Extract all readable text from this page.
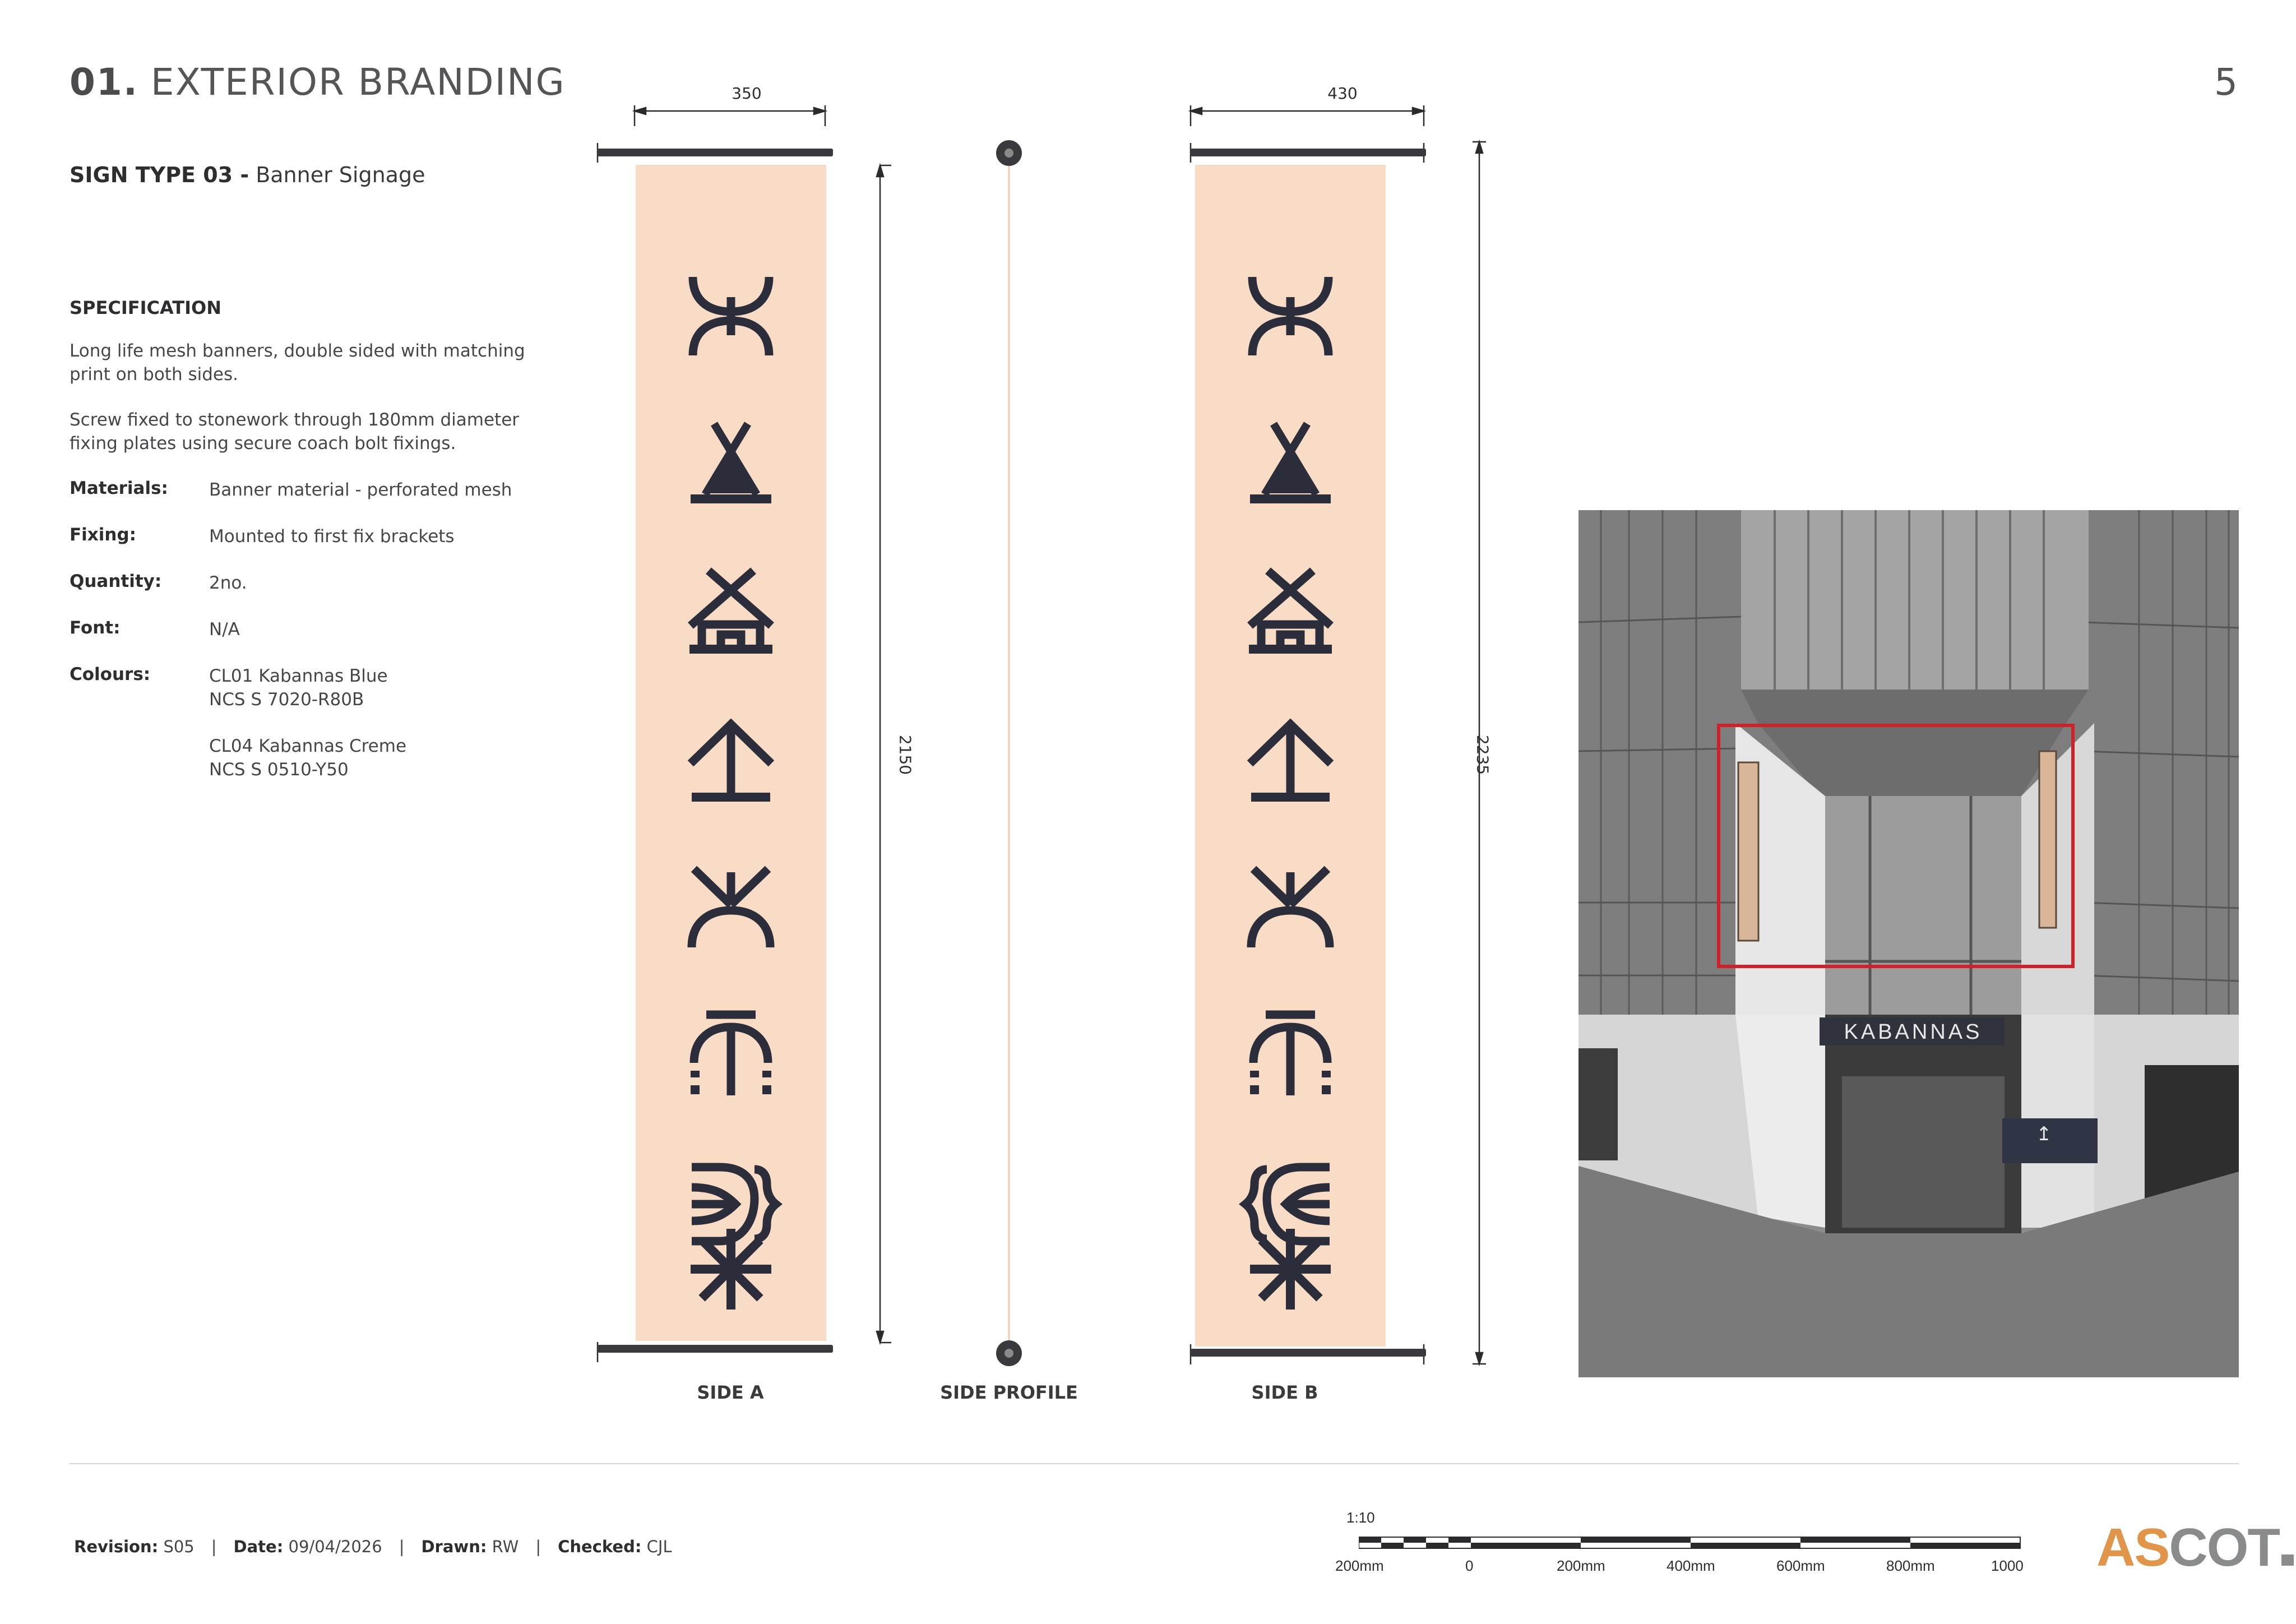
01. EXTERIOR BRANDING	5
SIGN TYPE 03 - Banner Signage
SPECIFICATION
Long life mesh banners, double sided with matching print on both sides.
Screw fixed to stonework through 180mm diameter fixing plates using secure coach bolt fixings.
Materials: Banner material - perforated mesh
Fixing:	Mounted to first fix brackets
Quantity:	2no.
Font:	N/A
Colours:	CL01 Kabannas Blue
NCS S 7020-R80B
CL04 Kabannas Creme
NCS S 0510-Y50
350
2150
SIDE A	SIDE PROFILE
430
2235
SIDE B
KABANNAS
↥
Revision: S05 | Date: 09/04/2026 | Drawn: RW | Checked: CJL
1:10
200mm	0	200mm	400mm	600mm	800mm	1000 ASCOT
